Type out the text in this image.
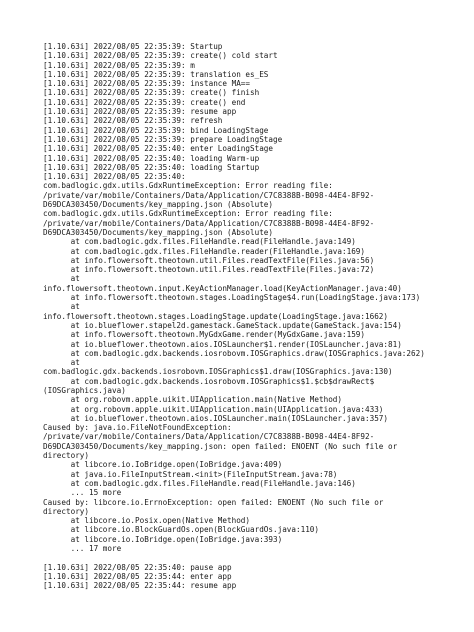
[1.10.63i] 2022/08/05 22:35:39: Startup
[1.10.63i] 2022/08/05 22:35:39: create() cold start
[1.10.63i] 2022/08/05 22:35:39: m
[1.10.63i] 2022/08/05 22:35:39: translation es_ES
[1.10.63i] 2022/08/05 22:35:39: instance MA==
[1.10.63i] 2022/08/05 22:35:39: create() finish
[1.10.63i] 2022/08/05 22:35:39: create() end
[1.10.63i] 2022/08/05 22:35:39: resume app
[1.10.63i] 2022/08/05 22:35:39: refresh
[1.10.63i] 2022/08/05 22:35:39: bind LoadingStage
[1.10.63i] 2022/08/05 22:35:39: prepare LoadingStage
[1.10.63i] 2022/08/05 22:35:40: enter LoadingStage
[1.10.63i] 2022/08/05 22:35:40: loading Warm-up
[1.10.63i] 2022/08/05 22:35:40: loading Startup
[1.10.63i] 2022/08/05 22:35:40:
com.badlogic.gdx.utils.GdxRuntimeException: Error reading file:
/private/var/mobile/Containers/Data/Application/C7C8388B-B098-44E4-8F92-
D69DCA303450/Documents/key_mapping.json (Absolute)
com.badlogic.gdx.utils.GdxRuntimeException: Error reading file:
/private/var/mobile/Containers/Data/Application/C7C8388B-B098-44E4-8F92-
D69DCA303450/Documents/key_mapping.json (Absolute)
at com.badlogic.gdx.files.FileHandle.read(FileHandle.java:149)
at com.badlogic.gdx.files.FileHandle.reader(FileHandle.java:169)
at info.flowersoft.theotown.util.Files.readTextFile(Files.java:56)
at info.flowersoft.theotown.util.Files.readTextFile(Files.java:72)
at
info.flowersoft.theotown.input.KeyActionManager.load(KeyActionManager.java:40)
at info.flowersoft.theotown.stages.LoadingStage$4.run(LoadingStage.java:173)
at
info.flowersoft.theotown.stages.LoadingStage.update(LoadingStage.java:1662)
at io.blueflower.stapel2d.gamestack.GameStack.update(GameStack.java:154)
at info.flowersoft.theotown.MyGdxGame.render(MyGdxGame.java:159)
at io.blueflower.theotown.aios.IOSLauncher$1.render(IOSLauncher.java:81)
at com.badlogic.gdx.backends.iosrobovm.IOSGraphics.draw(IOSGraphics.java:262)
at
com.badlogic.gdx.backends.iosrobovm.IOSGraphics$1.draw(IOSGraphics.java:130)
at com.badlogic.gdx.backends.iosrobovm.IOSGraphics$1.$cb$drawRect$
(IOSGraphics.java)
at org.robovm.apple.uikit.UIApplication.main(Native Method)
at org.robovm.apple.uikit.UIApplication.main(UIApplication.java:433)
at io.blueflower.theotown.aios.IOSLauncher.main(IOSLauncher.java:357)
Caused by: java.io.FileNotFoundException:
/private/var/mobile/Containers/Data/Application/C7C8388B-B098-44E4-8F92-
D69DCA303450/Documents/key_mapping.json: open failed: ENOENT (No such file or
directory)
at libcore.io.IoBridge.open(IoBridge.java:409)
at java.io.FileInputStream.<init>(FileInputStream.java:78)
at com.badlogic.gdx.files.FileHandle.read(FileHandle.java:146)
... 15 more
Caused by: libcore.io.ErrnoException: open failed: ENOENT (No such file or
directory)
at libcore.io.Posix.open(Native Method)
at libcore.io.BlockGuardOs.open(BlockGuardOs.java:110)
at libcore.io.IoBridge.open(IoBridge.java:393)
... 17 more
[1.10.63i] 2022/08/05 22:35:40: pause app
[1.10.63i] 2022/08/05 22:35:44: enter app
[1.10.63i] 2022/08/05 22:35:44: resume app
